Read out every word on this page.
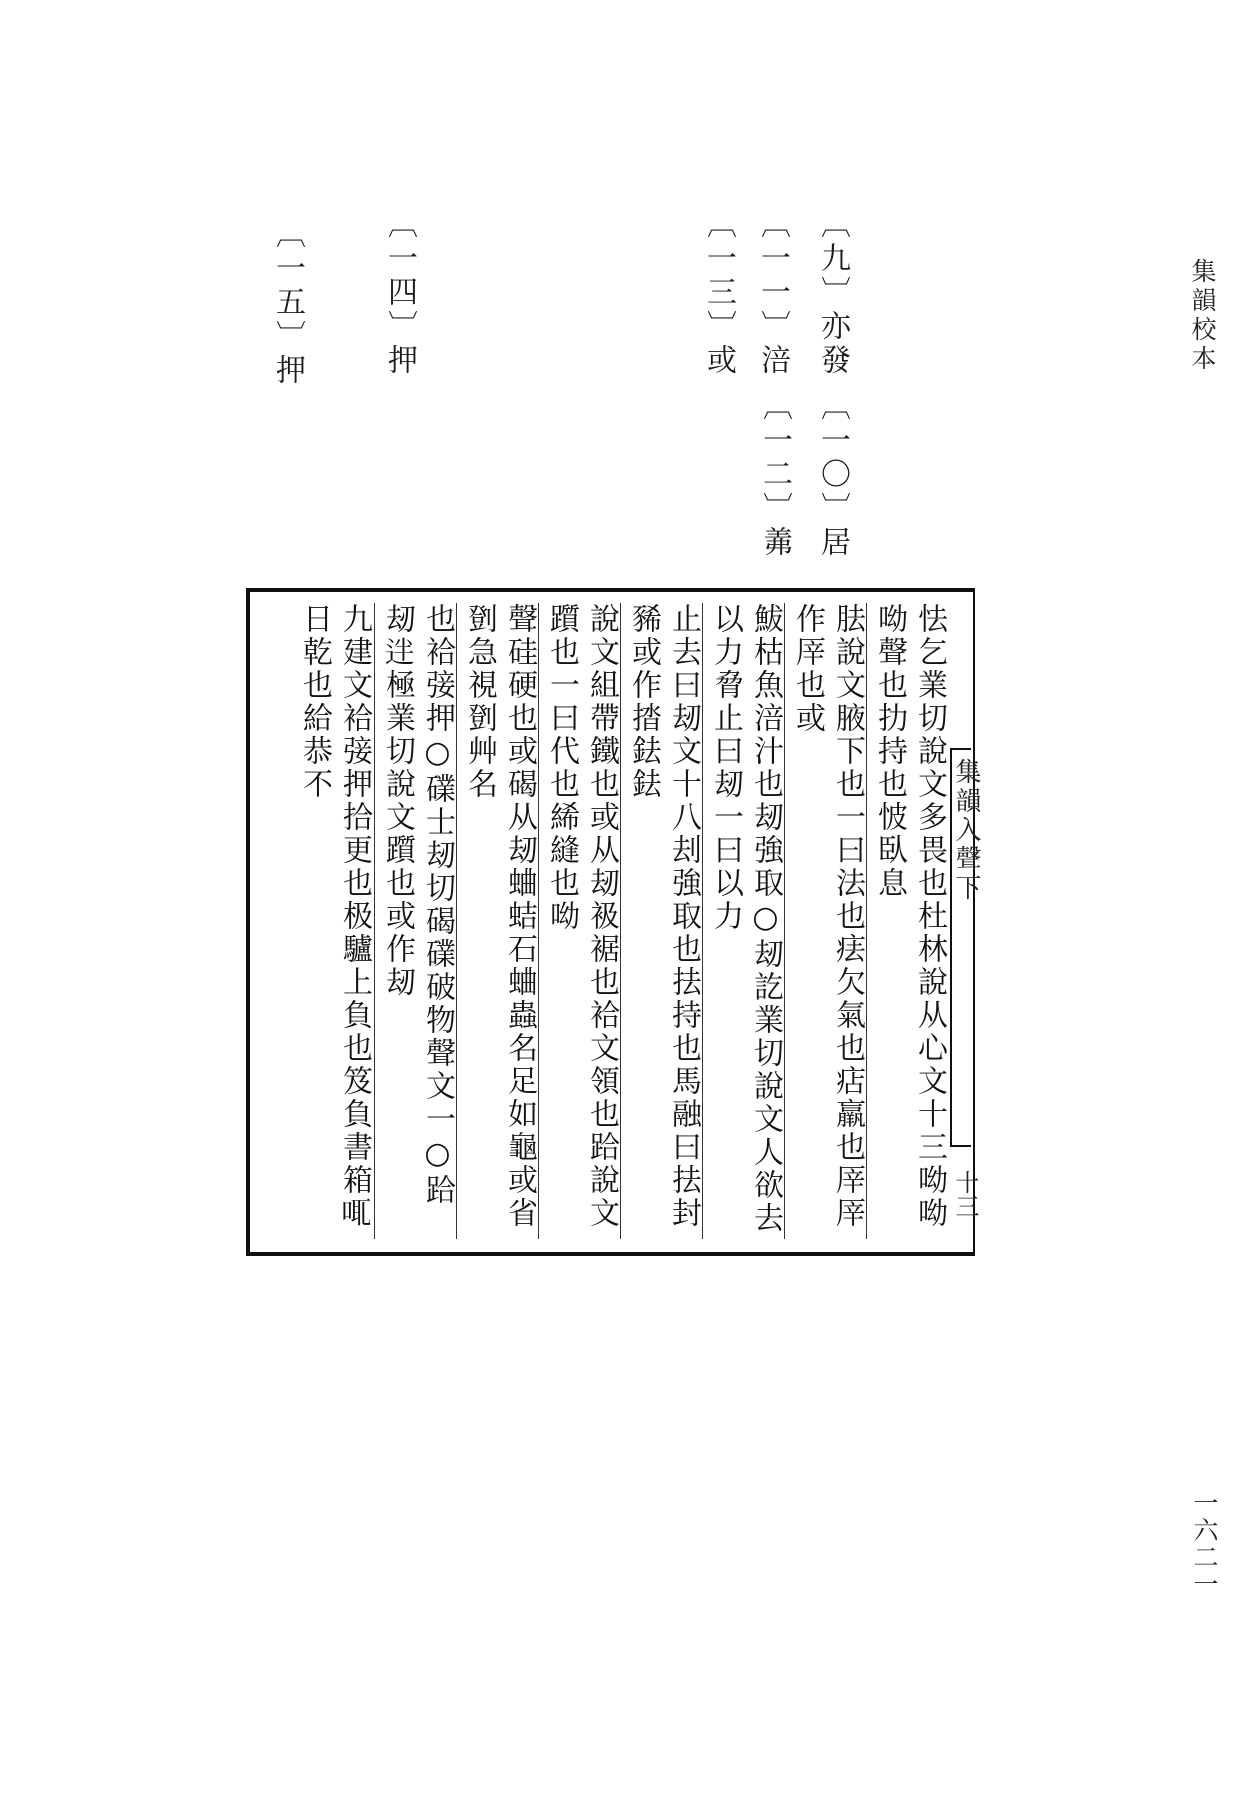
集韻校本
一六二一
〔九〕亦發
〔一〇〕居
〔一一〕涪
〔一二〕羛
〔一三〕或
〔一四〕押
〔一五〕押
集韻入聲下
十三
怯乞業切說文多畏也杜林說从心文十三呦呦呦聲也扐持也怶臥息
胠說文腋下也一曰法也㾀欠氣也痁羸也厗厗作厗也或
鮁枯魚涪汁也刼強取○刼訖業切說文人欲去以力脅止曰刼一曰以力
止去曰刼文十八刦強取也抾持也馬融曰抾封豨或作㧺鉣鉣
說文組帶鐵也或从刼衱裾也袷文領也跲說文躓也一曰代也絺縫也呦
聲硅硬也或碣从刼蛐蛣石蛐蟲名足如龜或省㔁急視㔁艸名
也袷㢺押○礏士刼切碣礏破物聲文一○跲刼𨒃極業切說文躓也或作刼
九建文袷㢺押拾更也极驢上負也笈負書箱𠲷日乾也給恭不
